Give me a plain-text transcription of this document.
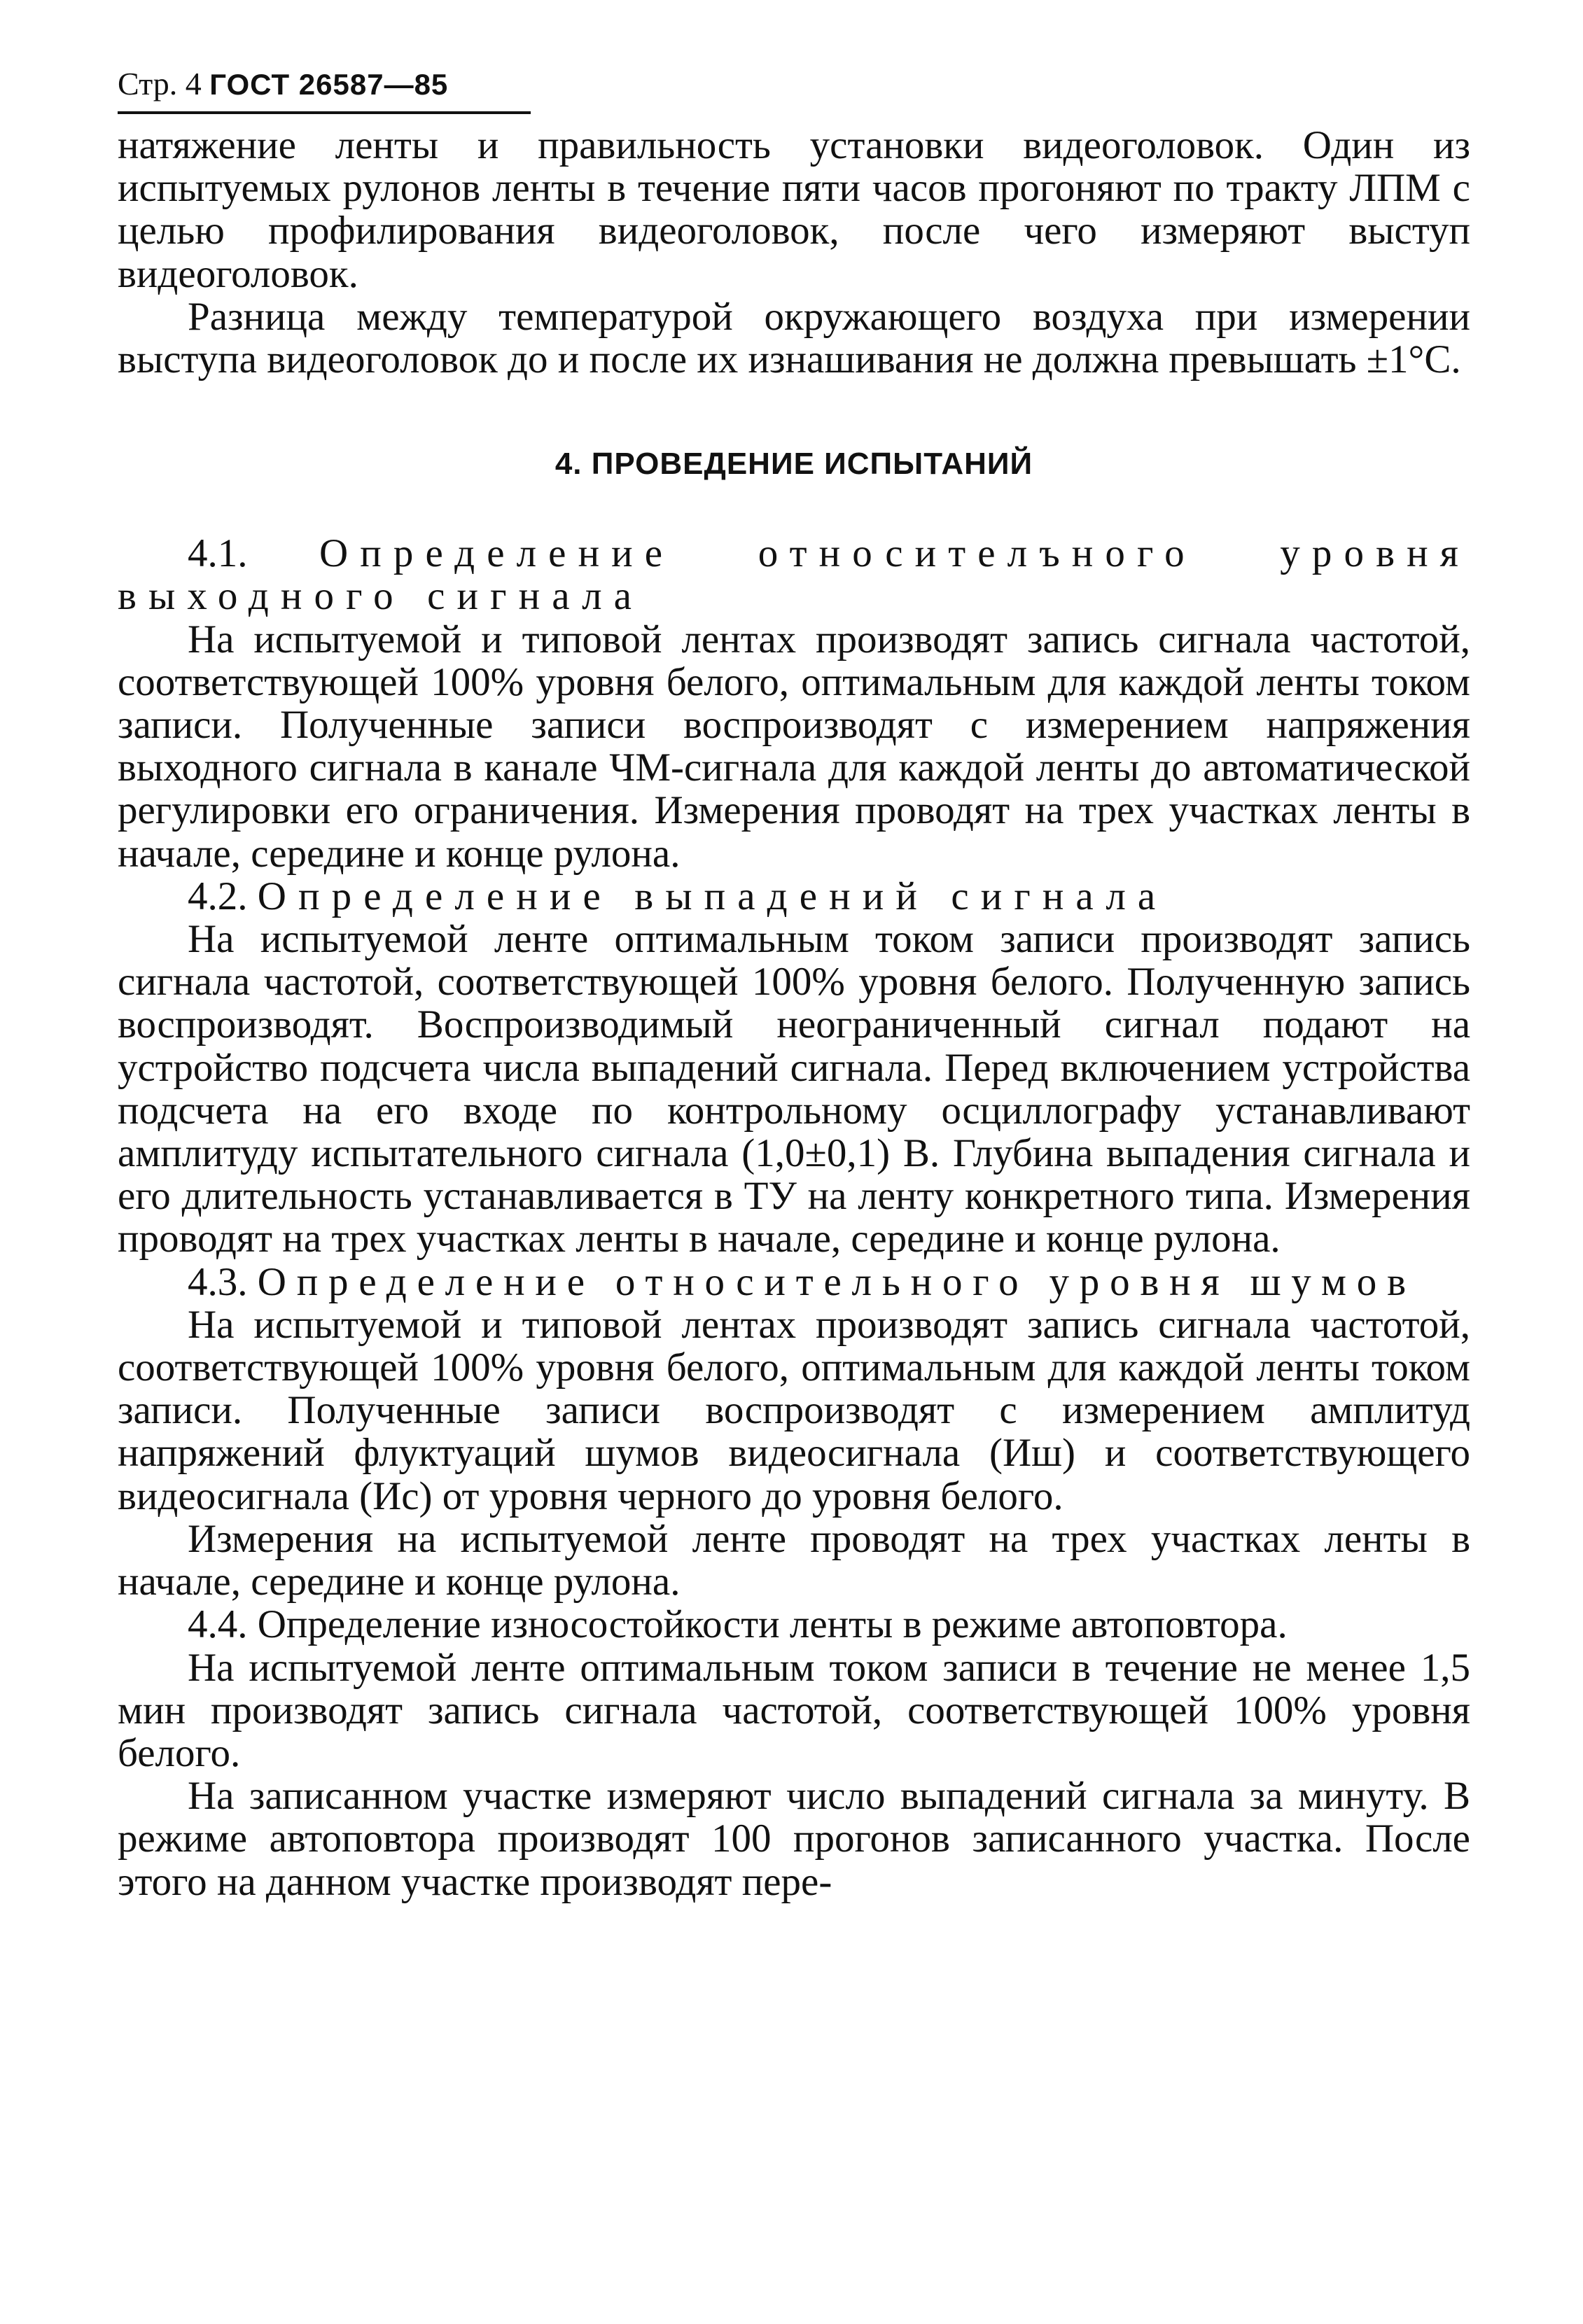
Стр. 4 ГОСТ 26587—85

натяжение ленты и правильность установки видеоголовок. Один из испытуемых рулонов ленты в течение пяти часов прогоняют по тракту ЛПМ с целью профилирования видеоголовок, после чего измеряют выступ видеоголовок.

Разница между температурой окружающего воздуха при измерении выступа видеоголовок до и после их изнашивания не должна превышать ±1°С.

4. ПРОВЕДЕНИЕ ИСПЫТАНИЙ

4.1. Определение относителъного уровня выходного сигнала

На испытуемой и типовой лентах производят запись сигнала частотой, соответствующей 100% уровня белого, оптимальным для каждой ленты током записи. Полученные записи воспроизводят с измерением напряжения выходного сигнала в канале ЧМ-сигнала для каждой ленты до автоматической регулировки его ограничения. Измерения проводят на трех участках ленты в начале, середине и конце рулона.

4.2. Определение выпадений сигнала

На испытуемой ленте оптимальным током записи производят запись сигнала частотой, соответствующей 100% уровня белого. Полученную запись воспроизводят. Воспроизводимый неограниченный сигнал подают на устройство подсчета числа выпадений сигнала. Перед включением устройства подсчета на его входе по контрольному осциллографу устанавливают амплитуду испытательного сигнала (1,0±0,1) В. Глубина выпадения сигнала и его длительность устанавливается в ТУ на ленту конкретного типа. Измерения проводят на трех участках ленты в начале, середине и конце рулона.

4.3. Определение относительного уровня шумов

На испытуемой и типовой лентах производят запись сигнала частотой, соответствующей 100% уровня белого, оптимальным для каждой ленты током записи. Полученные записи воспроизводят с измерением амплитуд напряжений флуктуаций шумов видеосигнала (Иш) и соответствующего видеосигнала (Ис) от уровня черного до уровня белого.

Измерения на испытуемой ленте проводят на трех участках ленты в начале, середине и конце рулона.

4.4. Определение износостойкости ленты в режиме автоповтора.

На испытуемой ленте оптимальным током записи в течение не менее 1,5 мин производят запись сигнала частотой, соответствующей 100% уровня белого.

На записанном участке измеряют число выпадений сигнала за минуту. В режиме автоповтора производят 100 прогонов записанного участка. После этого на данном участке производят пере-
